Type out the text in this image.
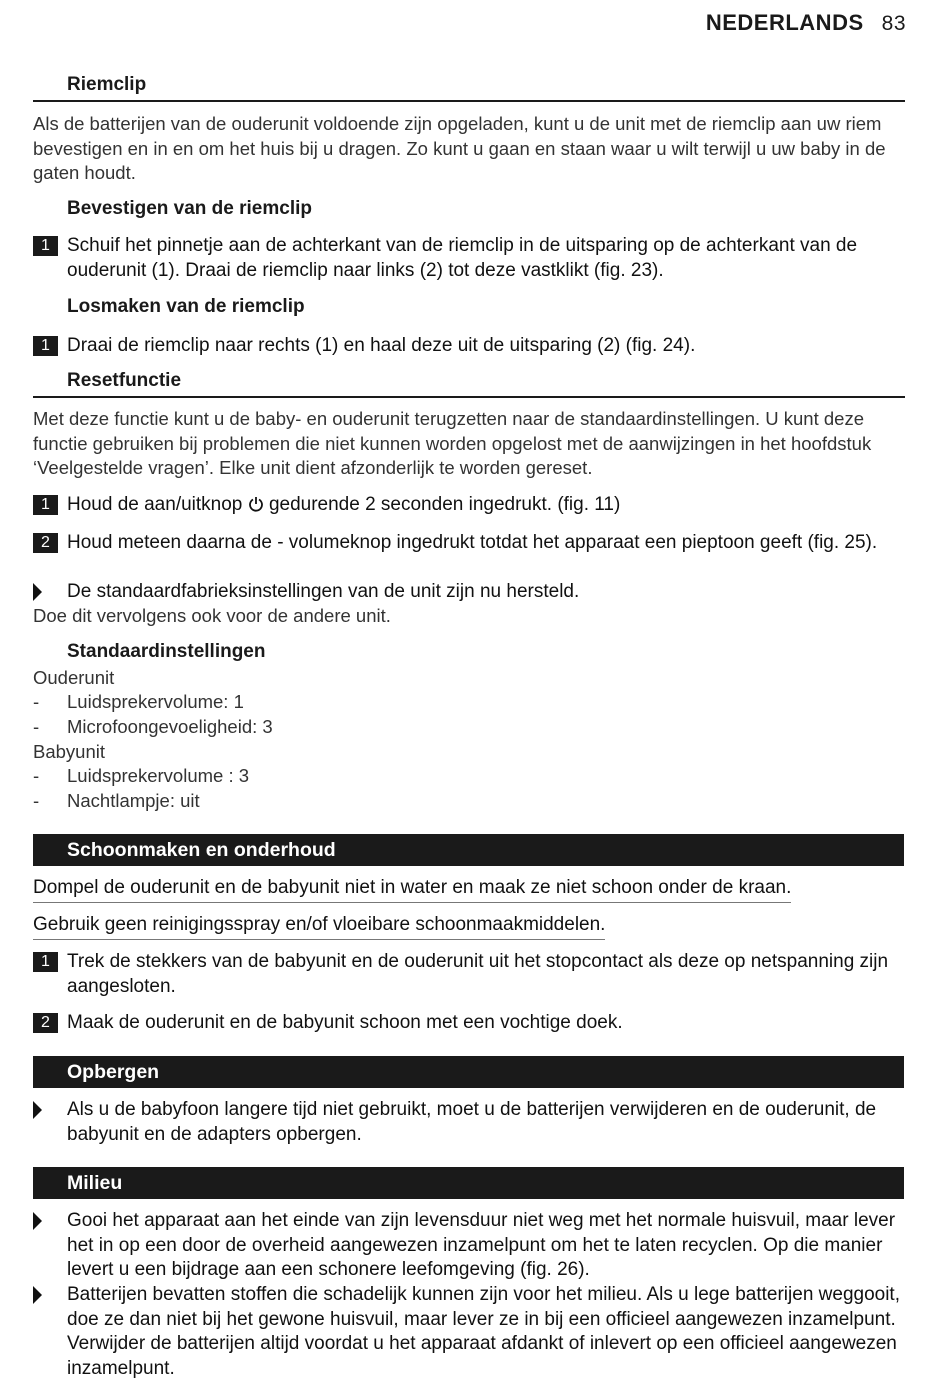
NEDERLANDS 83
Riemclip
Als de batterijen van de ouderunit voldoende zijn opgeladen, kunt u de unit met de riemclip aan uw riem bevestigen en in en om het huis bij u dragen. Zo kunt u gaan en staan waar u wilt terwijl u uw baby in de gaten houdt.
Bevestigen van de riemclip
1 Schuif het pinnetje aan de achterkant van de riemclip in de uitsparing op de achterkant van de ouderunit (1). Draai de riemclip naar links (2) tot deze vastklikt (fig. 23).
Losmaken van de riemclip
1 Draai de riemclip naar rechts (1) en haal deze uit de uitsparing (2) (fig. 24).
Resetfunctie
Met deze functie kunt u de baby- en ouderunit terugzetten naar de standaardinstellingen. U kunt deze functie gebruiken bij problemen die niet kunnen worden opgelost met de aanwijzingen in het hoofdstuk ‘Veelgestelde vragen’. Elke unit dient afzonderlijk te worden gereset.
1 Houd de aan/uitknop gedurende 2 seconden ingedrukt. (fig. 11)
2 Houd meteen daarna de - volumeknop ingedrukt totdat het apparaat een pieptoon geeft (fig. 25).
De standaardfabrieksinstellingen van de unit zijn nu hersteld.
Doe dit vervolgens ook voor de andere unit.
Standaardinstellingen
Ouderunit
- Luidsprekervolume: 1
- Microfoongevoeligheid: 3
Babyunit
- Luidsprekervolume : 3
- Nachtlampje: uit
Schoonmaken en onderhoud
Dompel de ouderunit en de babyunit niet in water en maak ze niet schoon onder de kraan.
Gebruik geen reinigingsspray en/of vloeibare schoonmaakmiddelen.
1 Trek de stekkers van de babyunit en de ouderunit uit het stopcontact als deze op netspanning zijn aangesloten.
2 Maak de ouderunit en de babyunit schoon met een vochtige doek.
Opbergen
Als u de babyfoon langere tijd niet gebruikt, moet u de batterijen verwijderen en de ouderunit, de babyunit en de adapters opbergen.
Milieu
Gooi het apparaat aan het einde van zijn levensduur niet weg met het normale huisvuil, maar lever het in op een door de overheid aangewezen inzamelpunt om het te laten recyclen. Op die manier levert u een bijdrage aan een schonere leefomgeving (fig. 26).
Batterijen bevatten stoffen die schadelijk kunnen zijn voor het milieu. Als u lege batterijen weggooit, doe ze dan niet bij het gewone huisvuil, maar lever ze in bij een officieel aangewezen inzamelpunt. Verwijder de batterijen altijd voordat u het apparaat afdankt of inlevert op een officieel aangewezen inzamelpunt.
